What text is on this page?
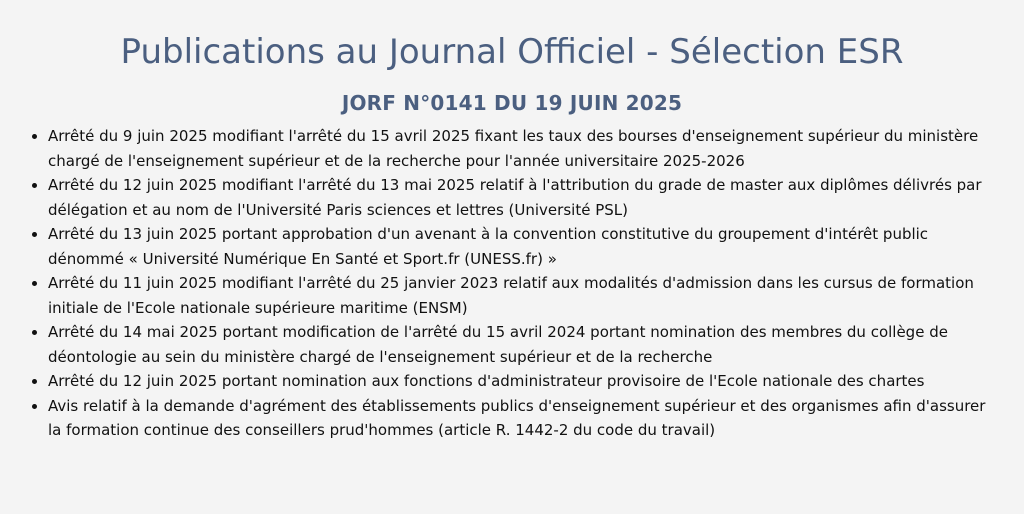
Publications au Journal Officiel - Sélection ESR
JORF N°0141 DU 19 JUIN 2025
• Arrêté du 9 juin 2025 modifiant l'arrêté du 15 avril 2025 fixant les taux des bourses d'enseignement supérieur du ministère chargé de l'enseignement supérieur et de la recherche pour l'année universitaire 2025-2026
• Arrêté du 12 juin 2025 modifiant l'arrêté du 13 mai 2025 relatif à l'attribution du grade de master aux diplômes délivrés par délégation et au nom de l'Université Paris sciences et lettres (Université PSL)
• Arrêté du 13 juin 2025 portant approbation d'un avenant à la convention constitutive du groupement d'intérêt public dénommé « Université Numérique En Santé et Sport.fr (UNESS.fr) »
• Arrêté du 11 juin 2025 modifiant l'arrêté du 25 janvier 2023 relatif aux modalités d'admission dans les cursus de formation initiale de l'Ecole nationale supérieure maritime (ENSM)
• Arrêté du 14 mai 2025 portant modification de l'arrêté du 15 avril 2024 portant nomination des membres du collège de déontologie au sein du ministère chargé de l'enseignement supérieur et de la recherche
• Arrêté du 12 juin 2025 portant nomination aux fonctions d'administrateur provisoire de l'Ecole nationale des chartes
• Avis relatif à la demande d'agrément des établissements publics d'enseignement supérieur et des organismes afin d'assurer la formation continue des conseillers prud'hommes (article R. 1442-2 du code du travail)
